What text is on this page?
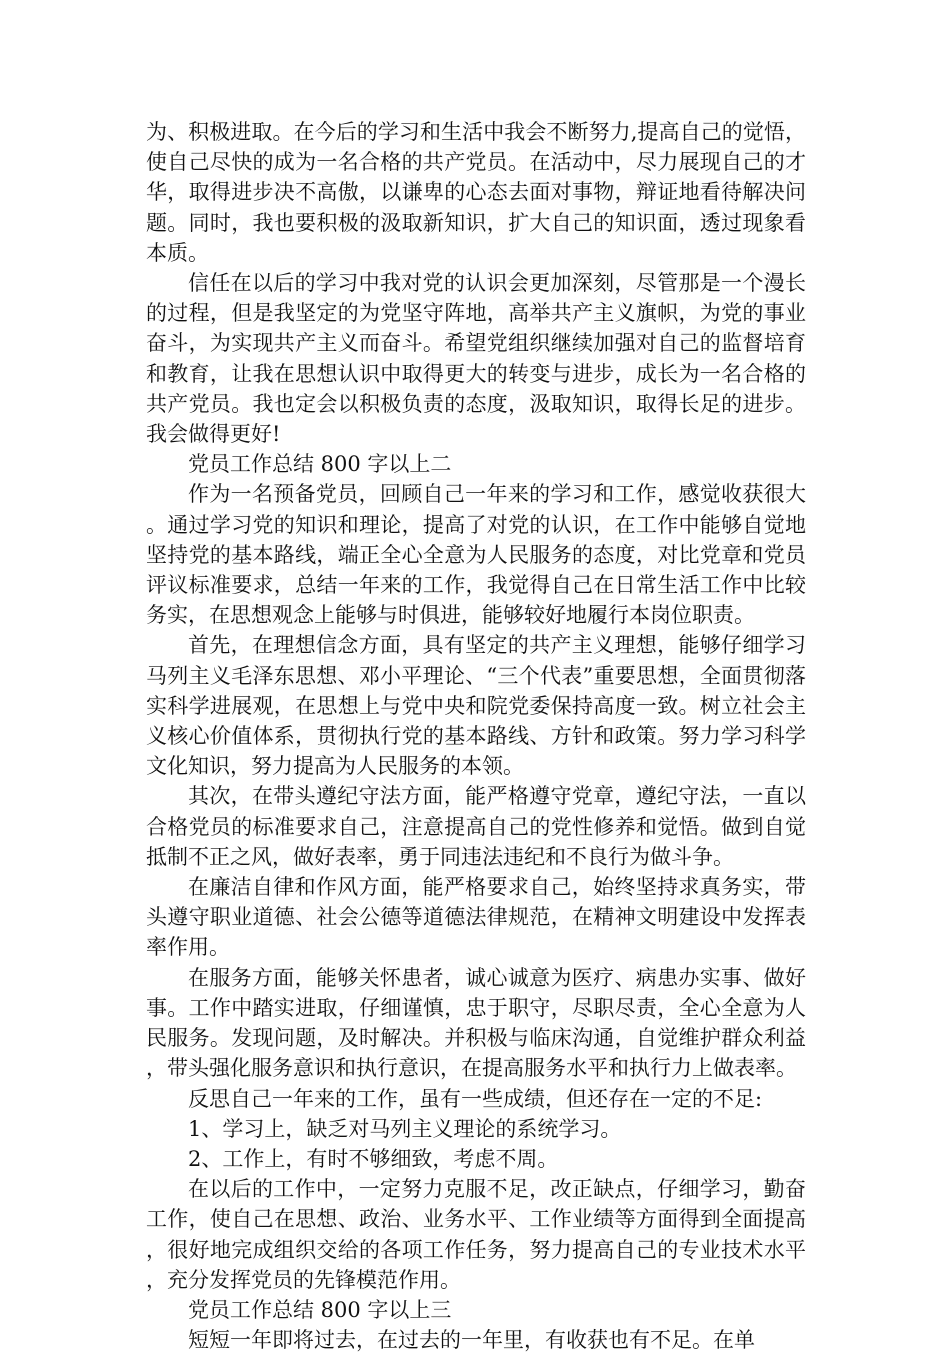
为、积极进取。在今后的学习和生活中我会不断努力,提高自己的觉悟，使自己尽快的成为一名合格的共产党员。在活动中，尽力展现自己的才华，取得进步决不高傲，以谦卑的心态去面对事物，辩证地看待解决问题。同时，我也要积极的汲取新知识，扩大自己的知识面，透过现象看本质。

信任在以后的学习中我对党的认识会更加深刻，尽管那是一个漫长的过程，但是我坚定的为党坚守阵地，高举共产主义旗帜，为党的事业奋斗，为实现共产主义而奋斗。希望党组织继续加强对自己的监督培育和教育，让我在思想认识中取得更大的转变与进步，成长为一名合格的共产党员。我也定会以积极负责的态度，汲取知识，取得长足的进步。我会做得更好!

党员工作总结 800 字以上二

作为一名预备党员，回顾自己一年来的学习和工作，感觉收获很大。通过学习党的知识和理论，提高了对党的认识，在工作中能够自觉地坚持党的基本路线，端正全心全意为人民服务的态度，对比党章和党员评议标准要求，总结一年来的工作，我觉得自己在日常生活工作中比较务实，在思想观念上能够与时俱进，能够较好地履行本岗位职责。

首先，在理想信念方面，具有坚定的共产主义理想，能够仔细学习马列主义毛泽东思想、邓小平理论、“三个代表”重要思想，全面贯彻落实科学进展观，在思想上与党中央和院党委保持高度一致。树立社会主义核心价值体系，贯彻执行党的基本路线、方针和政策。努力学习科学文化知识，努力提高为人民服务的本领。

其次，在带头遵纪守法方面，能严格遵守党章，遵纪守法，一直以合格党员的标准要求自己，注意提高自己的党性修养和觉悟。做到自觉抵制不正之风，做好表率，勇于同违法违纪和不良行为做斗争。

在廉洁自律和作风方面，能严格要求自己，始终坚持求真务实，带头遵守职业道德、社会公德等道德法律规范，在精神文明建设中发挥表率作用。

在服务方面，能够关怀患者，诚心诚意为医疗、病患办实事、做好事。工作中踏实进取，仔细谨慎，忠于职守，尽职尽责，全心全意为人民服务。发现问题，及时解决。并积极与临床沟通，自觉维护群众利益，带头强化服务意识和执行意识，在提高服务水平和执行力上做表率。

反思自己一年来的工作，虽有一些成绩，但还存在一定的不足:

1、学习上，缺乏对马列主义理论的系统学习。

2、工作上，有时不够细致，考虑不周。

在以后的工作中，一定努力克服不足，改正缺点，仔细学习，勤奋工作，使自己在思想、政治、业务水平、工作业绩等方面得到全面提高，很好地完成组织交给的各项工作任务，努力提高自己的专业技术水平，充分发挥党员的先锋模范作用。

党员工作总结 800 字以上三

短短一年即将过去，在过去的一年里，有收获也有不足。在单
